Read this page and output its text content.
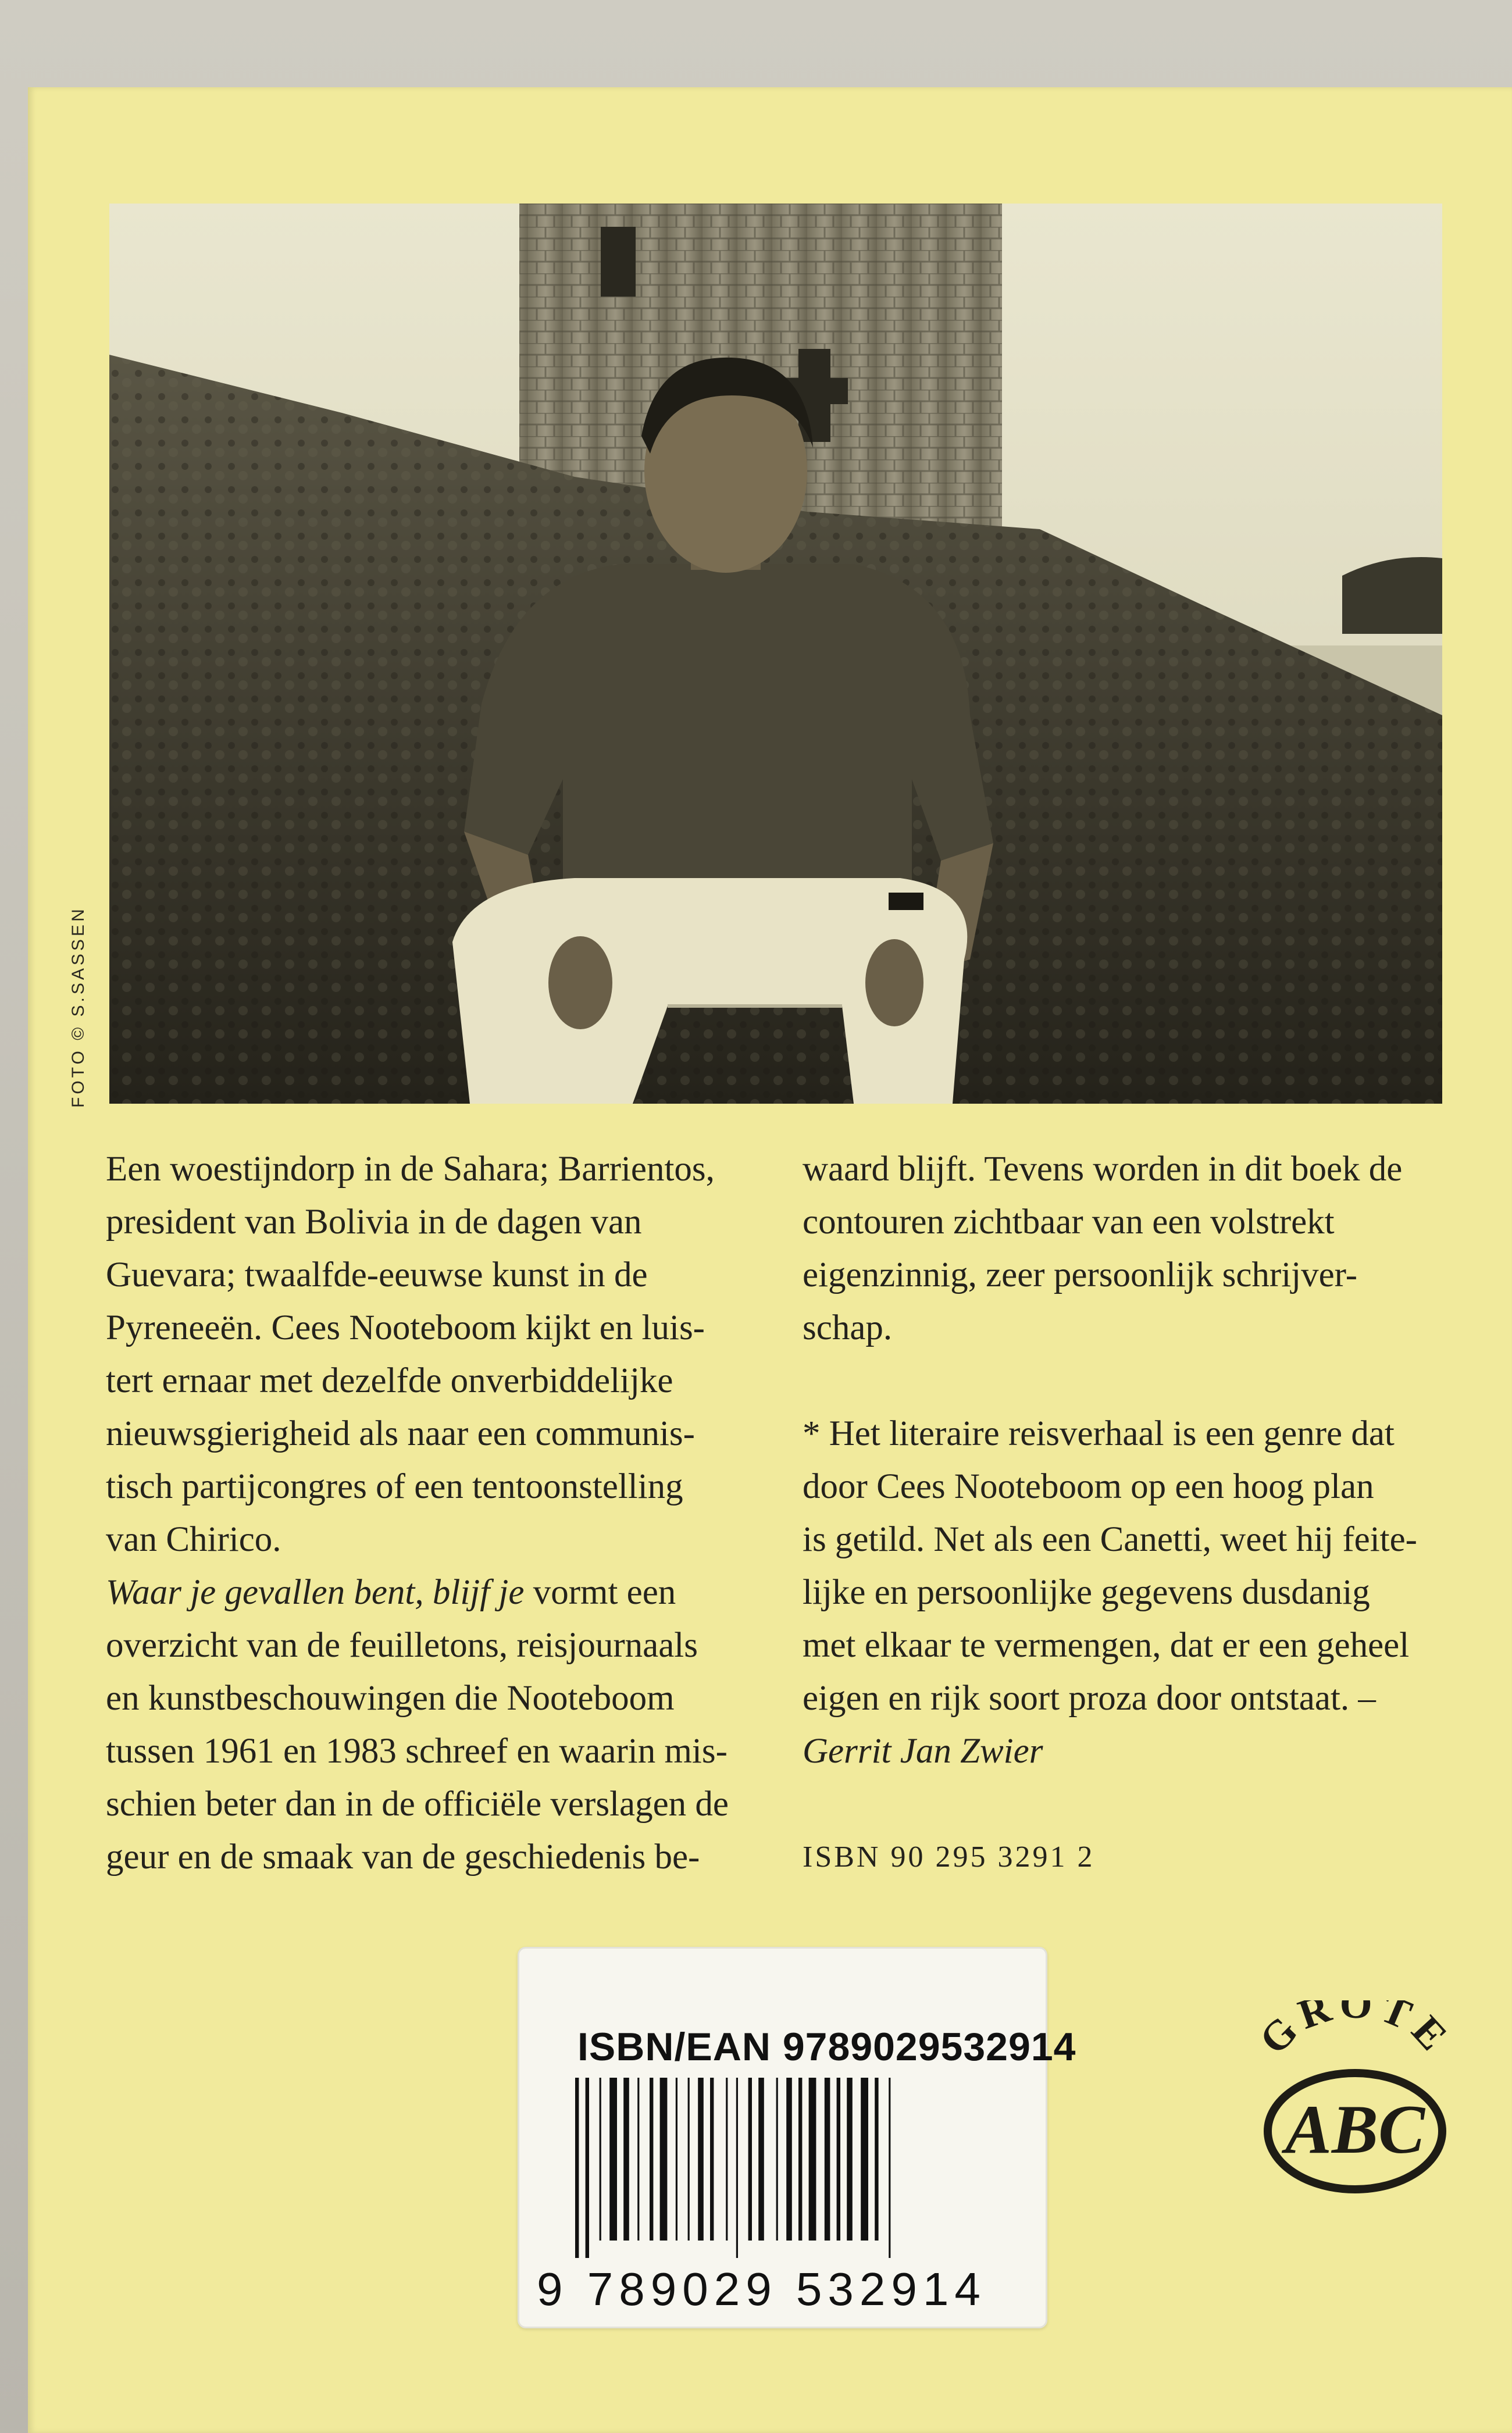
FOTO © S.SASSEN
Een woestijndorp in de Sahara; Barrientos,
president van Bolivia in de dagen van
Guevara; twaalfde-eeuwse kunst in de
Pyreneeën. Cees Nooteboom kijkt en luis-
tert ernaar met dezelfde onverbiddelijke
nieuwsgierigheid als naar een communis-
tisch partijcongres of een tentoonstelling
van Chirico.
Waar je gevallen bent, blijf je vormt een
overzicht van de feuilletons, reisjournaals
en kunstbeschouwingen die Nooteboom
tussen 1961 en 1983 schreef en waarin mis-
schien beter dan in de officiële verslagen de
geur en de smaak van de geschiedenis be-
waard blijft. Tevens worden in dit boek de
contouren zichtbaar van een volstrekt
eigenzinnig, zeer persoonlijk schrijver-
schap.
* Het literaire reisverhaal is een genre dat
door Cees Nooteboom op een hoog plan
is getild. Net als een Canetti, weet hij feite-
lijke en persoonlijke gegevens dusdanig
met elkaar te vermengen, dat er een geheel
eigen en rijk soort proza door ontstaat. –
Gerrit Jan Zwier
ISBN 90 295 3291 2
ISBN/EAN 9789029532914
9 789029 532914
GROTE
ABC
